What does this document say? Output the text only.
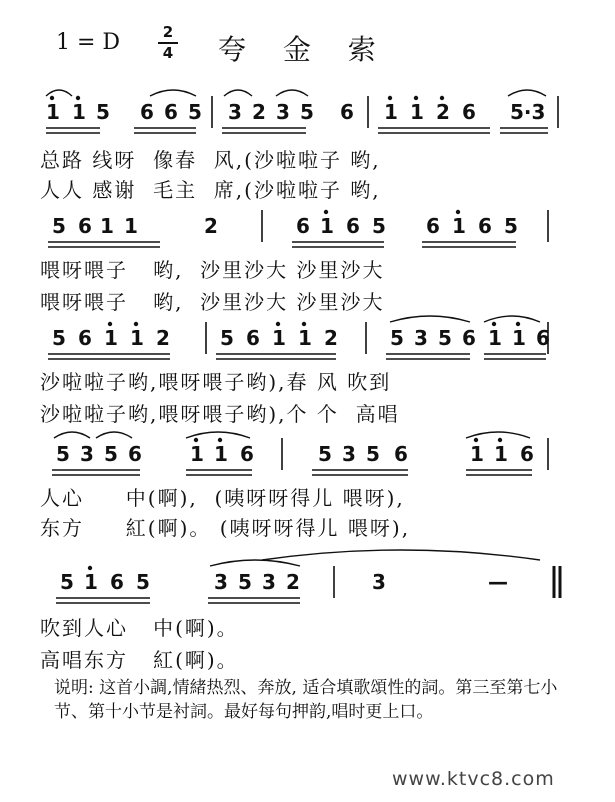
1 = D	2
4 夸 金 索
总路 线呀  像春  风,(沙啦啦子 哟,
人人 感谢  毛主  席,(沙啦啦子 哟,
喂呀喂子   哟,  沙里沙大 沙里沙大
喂呀喂子   哟,  沙里沙大 沙里沙大
沙啦啦子哟,喂呀喂子哟),春 风 吹到
沙啦啦子哟,喂呀喂子哟),个 个  高唱
人心     中(啊),  (咦呀呀得儿 喂呀),
东方     紅(啊)。 (咦呀呀得儿 喂呀),
吹到人心   中(啊)。
高唱东方   紅(啊)。
1 1 5 6 6 5 3 2 3 5 6 1 1 2 6 5·3
5 6 1 1	2	6 1 6 5 6 1 6 5
5 6 1 1 2	5 6 1 1 2	5 3 5 6 1 1 6
5 3 5 6 1 1 6	5 3 5 6	1 1 6
5 1 6 5	3 5 3 2	3	—
说明: 这首小調,情緒热烈、奔放, 适合填歌頌性的詞。第三至第七小节、第十小节是衬詞。最好每句押韵,唱时更上口。
www.ktvc8.com
